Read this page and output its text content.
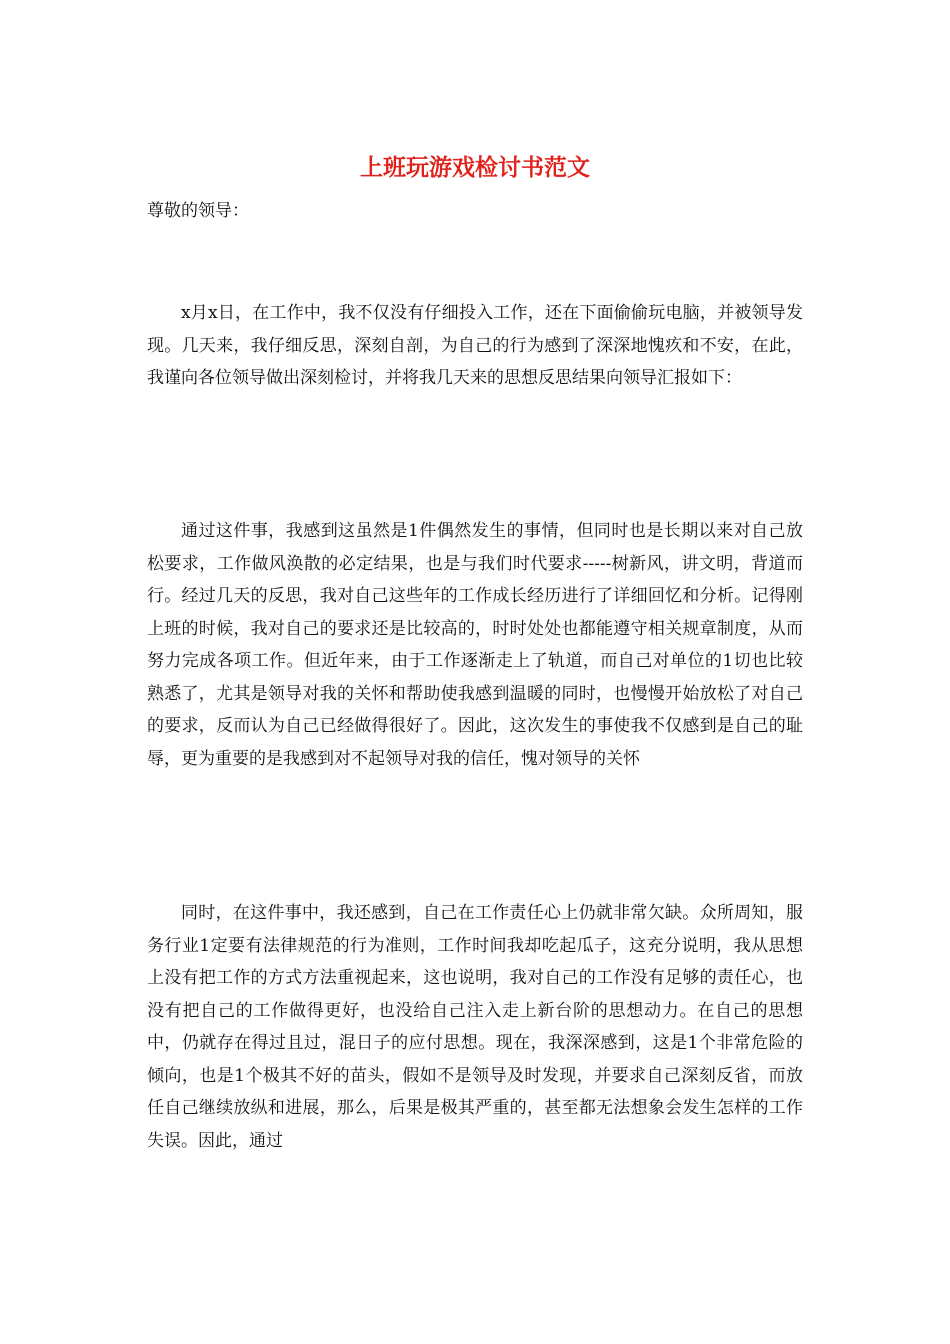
上班玩游戏检讨书范文

尊敬的领导：

x月x日，在工作中，我不仅没有仔细投入工作，还在下面偷偷玩电脑，并被领导发现。几天来，我仔细反思，深刻自剖，为自己的行为感到了深深地愧疚和不安，在此，我谨向各位领导做出深刻检讨，并将我几天来的思想反思结果向领导汇报如下：

通过这件事，我感到这虽然是1件偶然发生的事情，但同时也是长期以来对自己放松要求，工作做风涣散的必定结果，也是与我们时代要求-----树新风，讲文明，背道而行。经过几天的反思，我对自己这些年的工作成长经历进行了详细回忆和分析。记得刚上班的时候，我对自己的要求还是比较高的，时时处处也都能遵守相关规章制度，从而努力完成各项工作。但近年来，由于工作逐渐走上了轨道，而自己对单位的1切也比较熟悉了，尤其是领导对我的关怀和帮助使我感到温暖的同时，也慢慢开始放松了对自己的要求，反而认为自己已经做得很好了。因此，这次发生的事使我不仅感到是自己的耻辱，更为重要的是我感到对不起领导对我的信任，愧对领导的关怀

同时，在这件事中，我还感到，自己在工作责任心上仍就非常欠缺。众所周知，服务行业1定要有法律规范的行为准则，工作时间我却吃起瓜子，这充分说明，我从思想上没有把工作的方式方法重视起来，这也说明，我对自己的工作没有足够的责任心，也没有把自己的工作做得更好，也没给自己注入走上新台阶的思想动力。在自己的思想中，仍就存在得过且过，混日子的应付思想。现在，我深深感到，这是1个非常危险的倾向，也是1个极其不好的苗头，假如不是领导及时发现，并要求自己深刻反省，而放任自己继续放纵和进展，那么，后果是极其严重的，甚至都无法想象会发生怎样的工作失误。因此，通过
